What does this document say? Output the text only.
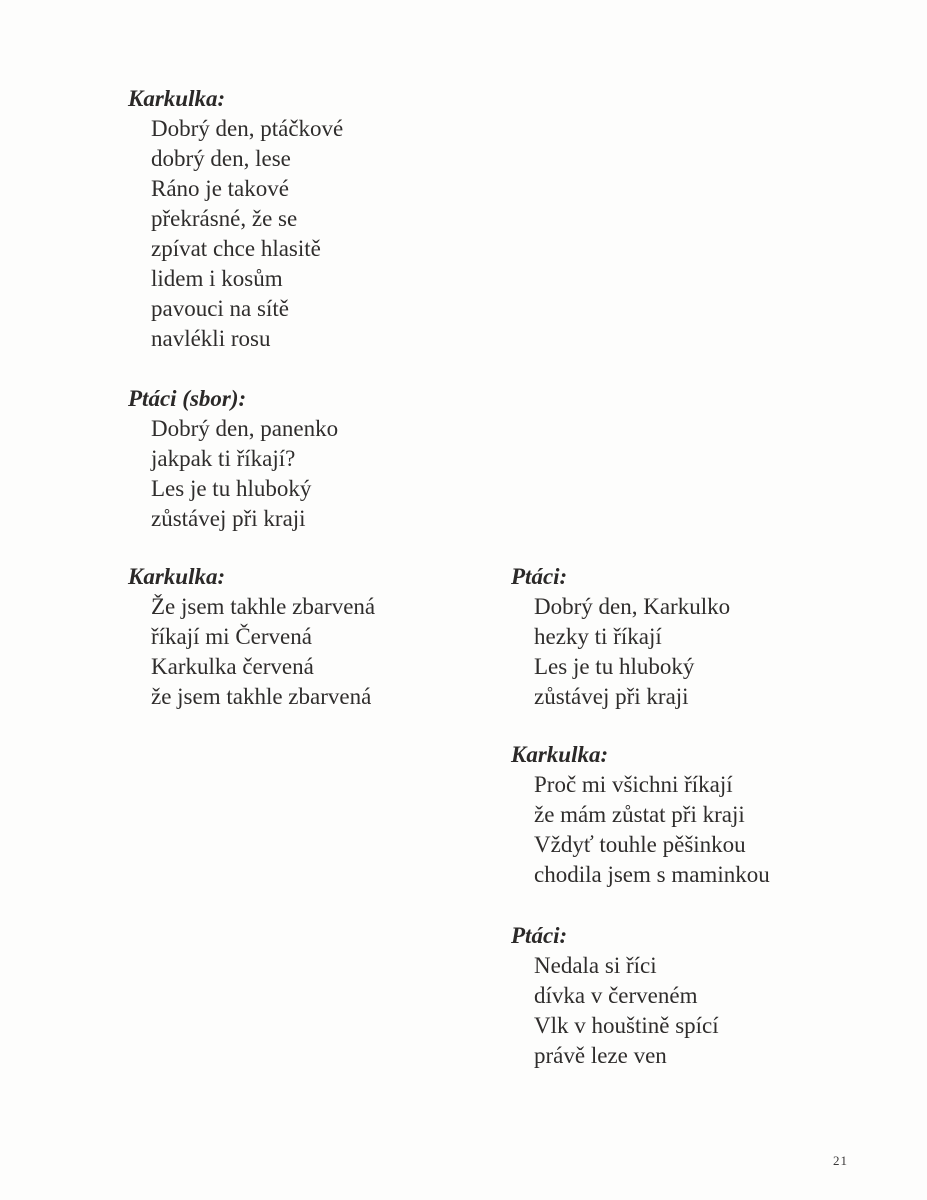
Karkulka:
Dobrý den, ptáčkové
dobrý den, lese
Ráno je takové
překrásné, že se
zpívat chce hlasitě
lidem i kosům
pavouci na sítě
navlékli rosu
Ptáci (sbor):
Dobrý den, panenko
jakpak ti říkají?
Les je tu hluboký
zůstávej při kraji
Karkulka:
Že jsem takhle zbarvená
říkají mi Červená
Karkulka červená
že jsem takhle zbarvená
Ptáci:
Dobrý den, Karkulko
hezky ti říkají
Les je tu hluboký
zůstávej při kraji
Karkulka:
Proč mi všichni říkají
že mám zůstat při kraji
Vždyť touhle pěšinkou
chodila jsem s maminkou
Ptáci:
Nedala si říci
dívka v červeném
Vlk v houštině spící
právě leze ven
21
